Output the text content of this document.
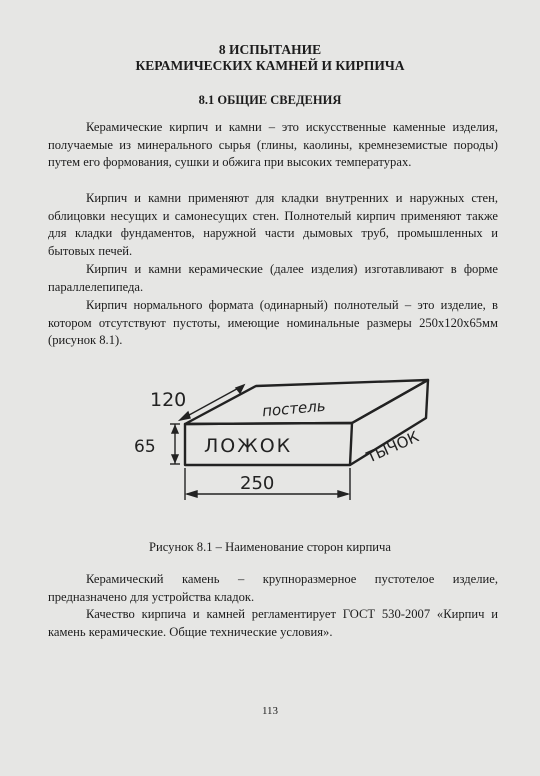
8 ИСПЫТАНИЕ
КЕРАМИЧЕСКИХ КАМНЕЙ И КИРПИЧА
8.1 ОБЩИЕ СВЕДЕНИЯ

Керамические кирпич и камни – это искусственные каменные изделия, получаемые из минерального сырья (глины, каолины, кремнеземистые породы) путем его формования, сушки и обжига при высоких температурах.

Кирпич и камни применяют для кладки внутренних и наружных стен, облицовки несущих и самонесущих стен. Полнотелый кирпич применяют также для кладки фундаментов, наружной части дымовых труб, промышленных и бытовых печей.

Кирпич и камни керамические (далее изделия) изготавливают в форме параллелепипеда.

Кирпич нормального формата (одинарный) полнотелый – это изделие, в котором отсутствуют пустоты, имеющие номинальные размеры 250х120х65мм (рисунок 8.1).

120
65
250
постель
ЛОЖОК	ТЫЧОК
Рисунок 8.1 – Наименование сторон кирпича

Керамический камень – крупноразмерное пустотелое изделие, предназначено для устройства кладок.

Качество кирпича и камней регламентирует ГОСТ 530-2007 «Кирпич и камень керамические. Общие технические условия».

113
